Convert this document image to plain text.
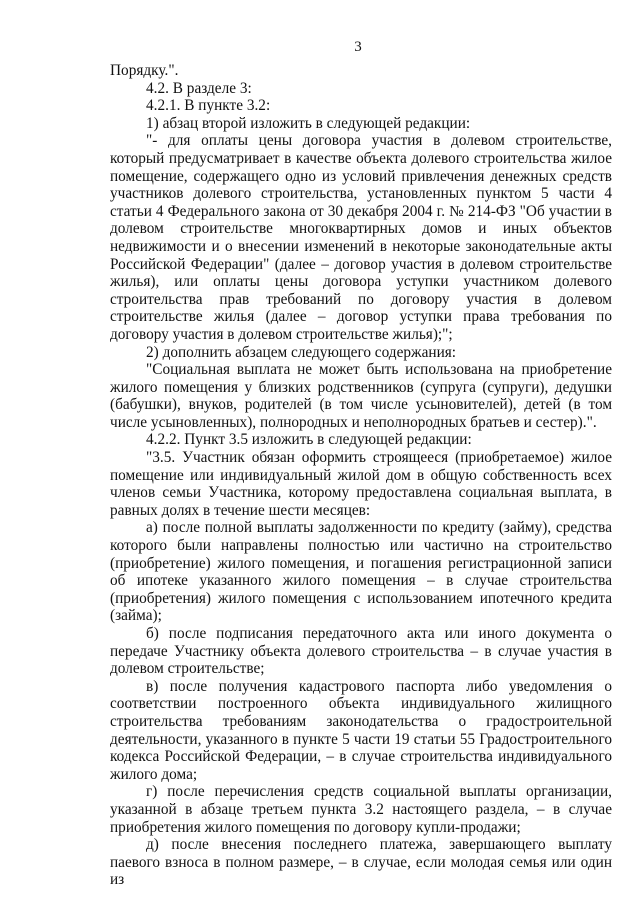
3

Порядку.".

4.2. В разделе 3:

4.2.1. В пункте 3.2:

1) абзац второй изложить в следующей редакции:

"- для оплаты цены договора участия в долевом строительстве, который предусматривает в качестве объекта долевого строительства жилое помещение, содержащего одно из условий привлечения денежных средств участников долевого строительства, установленных пунктом 5 части 4 статьи 4 Федерального закона от 30 декабря 2004 г. № 214-ФЗ "Об участии в долевом строительстве многоквартирных домов и иных объектов недвижимости и о внесении изменений в некоторые законодательные акты Российской Федерации" (далее – договор участия в долевом строительстве жилья), или оплаты цены договора уступки участником долевого строительства прав требований по договору участия в долевом строительстве жилья (далее – договор уступки права требования по договору участия в долевом строительстве жилья);";

2) дополнить абзацем следующего содержания:

"Социальная выплата не может быть использована на приобретение жилого помещения у близких родственников (супруга (супруги), дедушки (бабушки), внуков, родителей (в том числе усыновителей), детей (в том числе усыновленных), полнородных и неполнородных братьев и сестер).".

4.2.2. Пункт 3.5 изложить в следующей редакции:

"3.5. Участник обязан оформить строящееся (приобретаемое) жилое помещение или индивидуальный жилой дом в общую собственность всех членов семьи Участника, которому предоставлена социальная выплата, в равных долях в течение шести месяцев:

а) после полной выплаты задолженности по кредиту (займу), средства которого были направлены полностью или частично на строительство (приобретение) жилого помещения, и погашения регистрационной записи об ипотеке указанного жилого помещения – в случае строительства (приобретения) жилого помещения с использованием ипотечного кредита (займа);

б) после подписания передаточного акта или иного документа о передаче Участнику объекта долевого строительства – в случае участия в долевом строительстве;

в) после получения кадастрового паспорта либо уведомления о соответствии построенного объекта индивидуального жилищного строительства требованиям законодательства о градостроительной деятельности, указанного в пункте 5 части 19 статьи 55 Градостроительного кодекса Российской Федерации, – в случае строительства индивидуального жилого дома;

г) после перечисления средств социальной выплаты организации, указанной в абзаце третьем пункта 3.2 настоящего раздела, – в случае приобретения жилого помещения по договору купли-продажи;

д) после внесения последнего платежа, завершающего выплату паевого взноса в полном размере, – в случае, если молодая семья или один из
